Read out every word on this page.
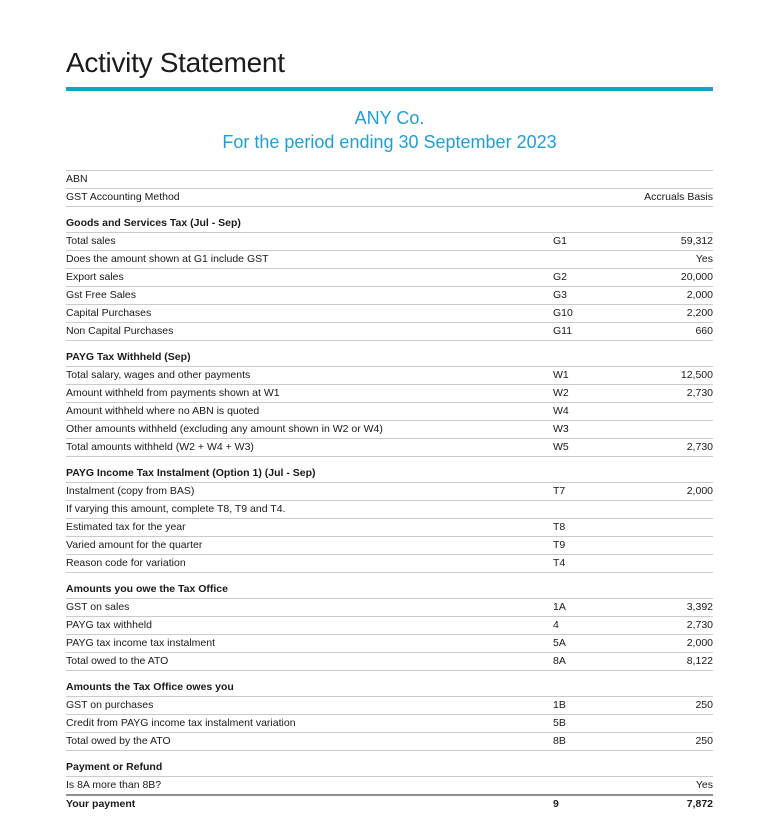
Activity Statement
ANY Co.
For the period ending 30 September 2023
ABN
GST Accounting Method	Accruals Basis
Goods and Services Tax (Jul - Sep)
Total sales	G1	59,312
Does the amount shown at G1 include GST	Yes
Export sales	G2	20,000
Gst Free Sales	G3	2,000
Capital Purchases	G10	2,200
Non Capital Purchases	G11	660
PAYG Tax Withheld (Sep)
Total salary, wages and other payments	W1	12,500
Amount withheld from payments shown at W1	W2	2,730
Amount withheld where no ABN is quoted	W4
Other amounts withheld (excluding any amount shown in W2 or W4)	W3
Total amounts withheld (W2 + W4 + W3)	W5	2,730
PAYG Income Tax Instalment (Option 1) (Jul - Sep)
Instalment (copy from BAS)	T7	2,000
If varying this amount, complete T8, T9 and T4.
Estimated tax for the year	T8
Varied amount for the quarter	T9
Reason code for variation	T4
Amounts you owe the Tax Office
GST on sales	1A	3,392
PAYG tax withheld	4	2,730
PAYG tax income tax instalment	5A	2,000
Total owed to the ATO	8A	8,122
Amounts the Tax Office owes you
GST on purchases	1B	250
Credit from PAYG income tax instalment variation	5B
Total owed by the ATO	8B	250
Payment or Refund
Is 8A more than 8B?	Yes
Your payment	9	7,872
